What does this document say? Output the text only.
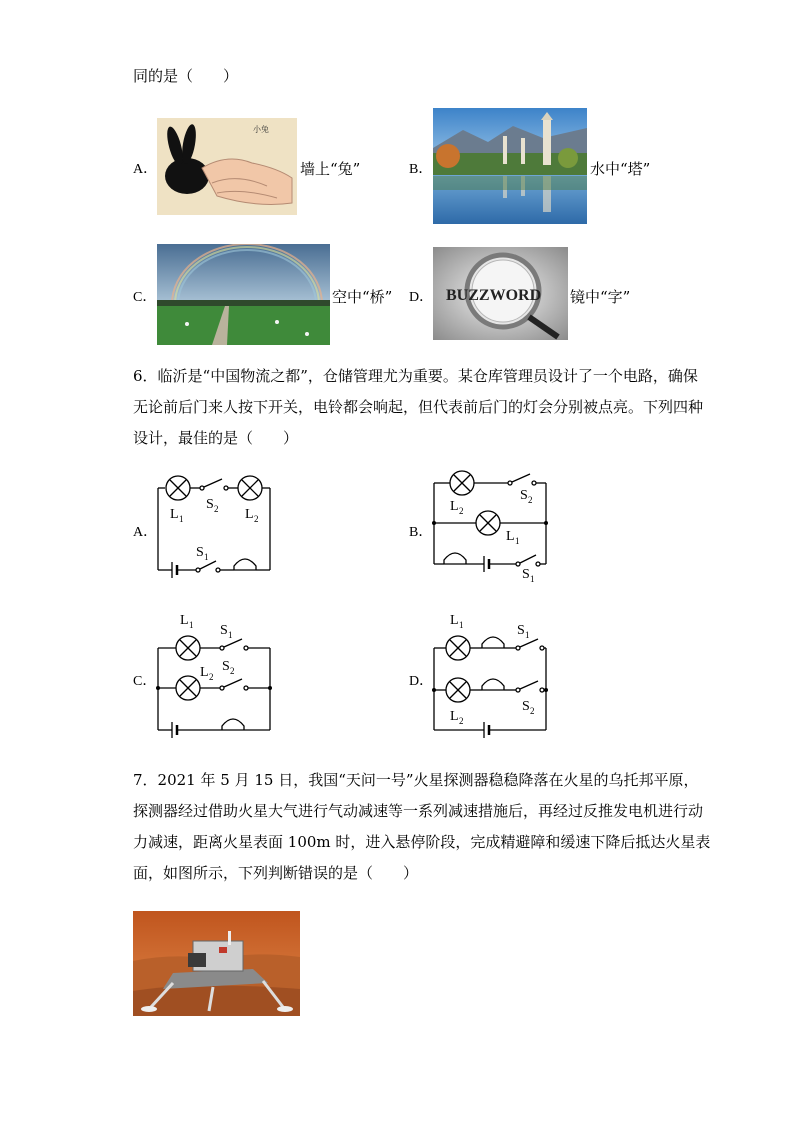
同的是（　　）
A．
小兔
墙上“兔”	B．	水中“塔”
C．	空中“桥” D． BUZZWORD 镜中“字”
6．临沂是“中国物流之都”，仓储管理尤为重要。某仓库管理员设计了一个电路，确保
无论前后门来人按下开关，电铃都会响起，但代表前后门的灯会分别被点亮。下列四种
设计，最佳的是（　　）
A．
L 1
S 2 L 2
S 1
B．
S 2
L 2
L 1
S 1
C．
L 1 S 1
L 2
S 2
D．
L 1	S 1
L 2
S 2
7．2021 年 5 月 15 日，我国“天问一号”火星探测器稳稳降落在火星的乌托邦平原，
探测器经过借助火星大气进行气动减速等一系列减速措施后，再经过反推发电机进行动
力减速，距离火星表面 100m 时，进入悬停阶段，完成精避障和缓速下降后抵达火星表
面，如图所示，下列判断错误的是（　　）
